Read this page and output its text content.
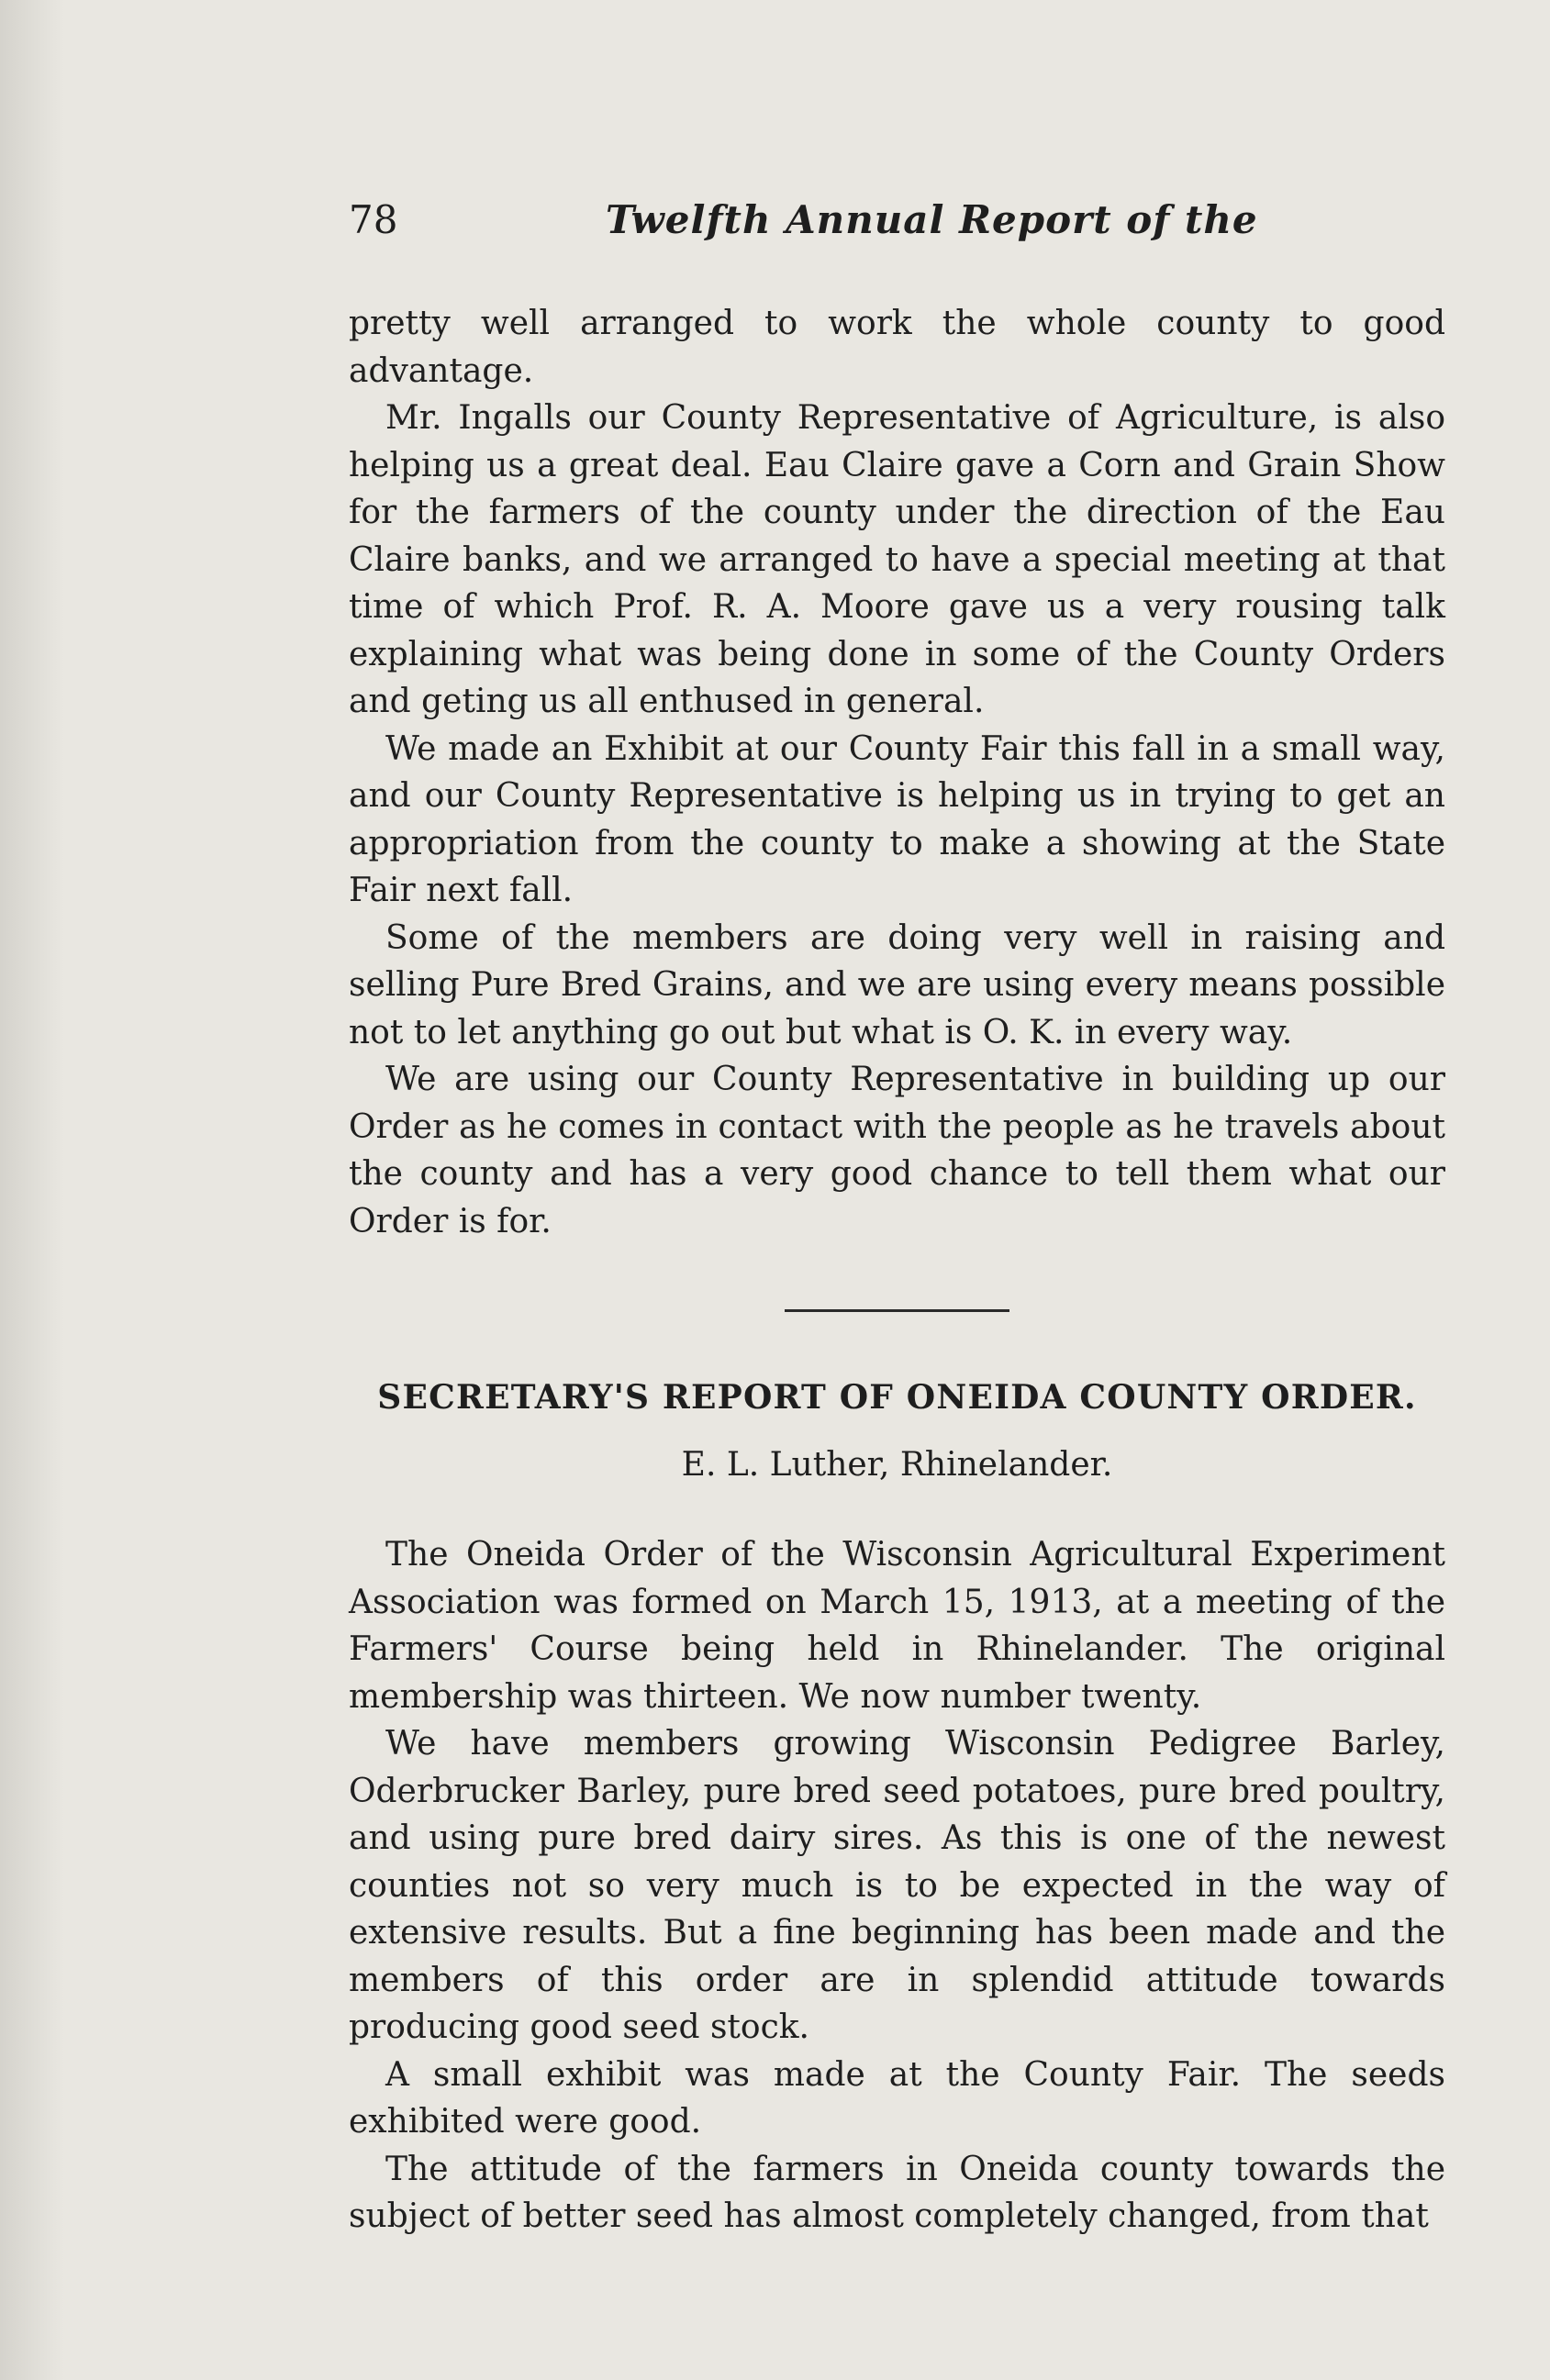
78	Twelfth Annual Report of the

pretty well arranged to work the whole county to good advantage.

Mr. Ingalls our County Representative of Agriculture, is also helping us a great deal. Eau Claire gave a Corn and Grain Show for the farmers of the county under the direction of the Eau Claire banks, and we arranged to have a special meeting at that time of which Prof. R. A. Moore gave us a very rousing talk explaining what was being done in some of the County Orders and geting us all enthused in general.

We made an Exhibit at our County Fair this fall in a small way, and our County Representative is helping us in trying to get an appropriation from the county to make a showing at the State Fair next fall.

Some of the members are doing very well in raising and selling Pure Bred Grains, and we are using every means possible not to let anything go out but what is O. K. in every way.

We are using our County Representative in building up our Order as he comes in contact with the people as he travels about the county and has a very good chance to tell them what our Order is for.

SECRETARY'S REPORT OF ONEIDA COUNTY ORDER.
E. L. Luther, Rhinelander.

The Oneida Order of the Wisconsin Agricultural Experiment Association was formed on March 15, 1913, at a meeting of the Farmers' Course being held in Rhinelander. The original membership was thirteen. We now number twenty.

We have members growing Wisconsin Pedigree Barley, Oderbrucker Barley, pure bred seed potatoes, pure bred poultry, and using pure bred dairy sires. As this is one of the newest counties not so very much is to be expected in the way of extensive results. But a fine beginning has been made and the members of this order are in splendid attitude towards producing good seed stock.

A small exhibit was made at the County Fair. The seeds exhibited were good.

The attitude of the farmers in Oneida county towards the subject of better seed has almost completely changed, from that
